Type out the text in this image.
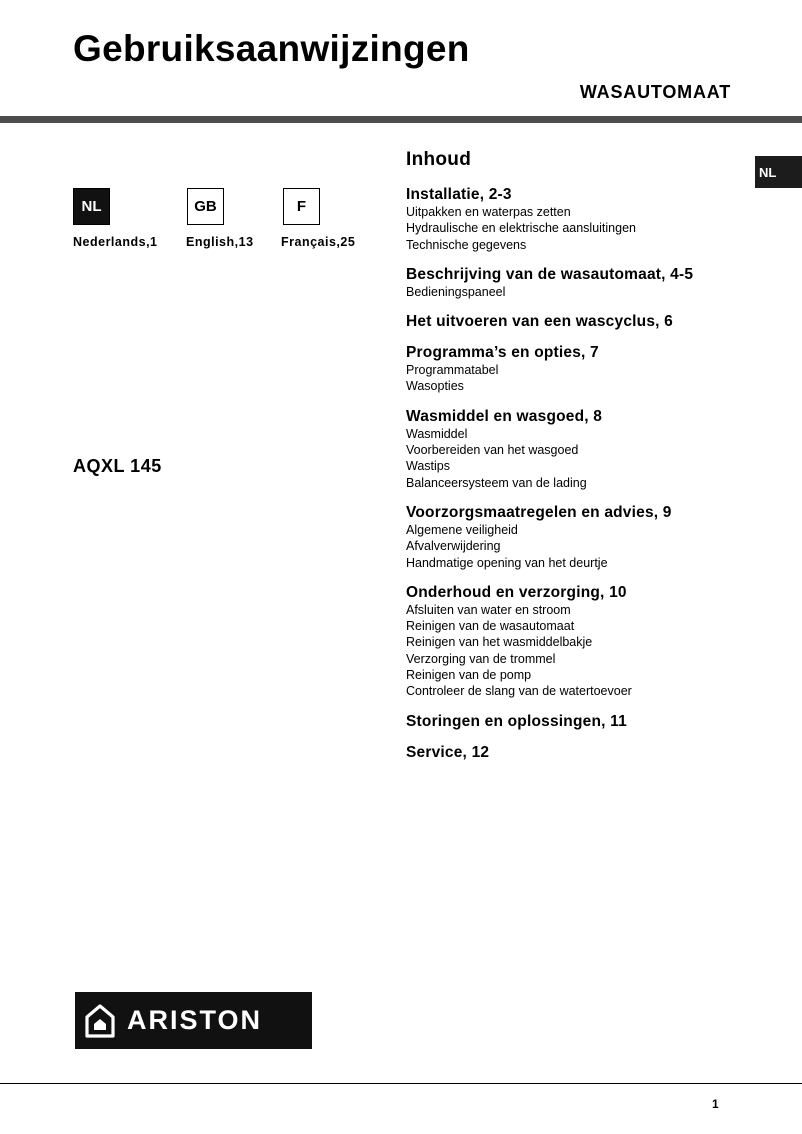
Gebruiksaanwijzingen
WASAUTOMAAT
NL
NL
Nederlands,1
GB
English,13
F
Français,25
AQXL 145
Inhoud
Installatie, 2-3
Uitpakken en waterpas zetten
Hydraulische en elektrische aansluitingen
Technische gegevens
Beschrijving van de wasautomaat, 4-5
Bedieningspaneel
Het uitvoeren van een wascyclus, 6
Programma’s en opties, 7
Programmatabel
Wasopties
Wasmiddel en wasgoed, 8
Wasmiddel
Voorbereiden van het wasgoed
Wastips
Balanceersysteem van de lading
Voorzorgsmaatregelen en advies, 9
Algemene veiligheid
Afvalverwijdering
Handmatige opening van het deurtje
Onderhoud en verzorging, 10
Afsluiten van water en stroom
Reinigen van de wasautomaat
Reinigen van het wasmiddelbakje
Verzorging van de trommel
Reinigen van de pomp
Controleer de slang van de watertoevoer
Storingen en oplossingen, 11
Service, 12
ARISTON
1
